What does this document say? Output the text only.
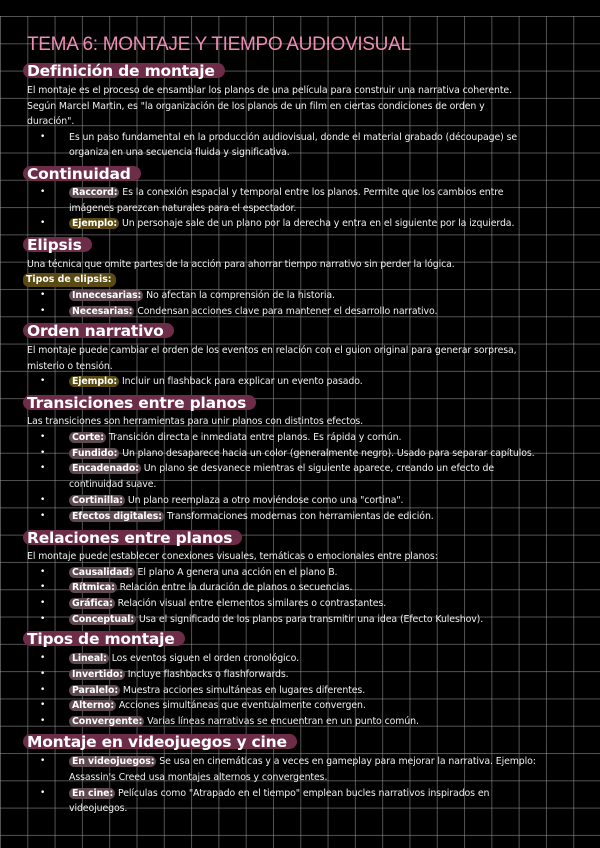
TEMA 6: MONTAJE Y TIEMPO AUDIOVISUAL
Definición de montaje
El montaje es el proceso de ensamblar los planos de una película para construir una narrativa coherente.
Según Marcel Martin, es "la organización de los planos de un film en ciertas condiciones de orden y
duración".
•	Es un paso fundamental en la producción audiovisual, donde el material grabado (découpage) se
organiza en una secuencia fluida y significativa.
Continuidad
•	Raccord: Es la conexión espacial y temporal entre los planos. Permite que los cambios entre
imágenes parezcan naturales para el espectador.
•	Ejemplo: Un personaje sale de un plano por la derecha y entra en el siguiente por la izquierda.
Elipsis
Una técnica que omite partes de la acción para ahorrar tiempo narrativo sin perder la lógica.
Tipos de elipsis:
•	Innecesarias: No afectan la comprensión de la historia.
•	Necesarias: Condensan acciones clave para mantener el desarrollo narrativo.
Orden narrativo
El montaje puede cambiar el orden de los eventos en relación con el guion original para generar sorpresa,
misterio o tensión.
•	Ejemplo: Incluir un flashback para explicar un evento pasado.
Transiciones entre planos
Las transiciones son herramientas para unir planos con distintos efectos.
•	Corte: Transición directa e inmediata entre planos. Es rápida y común.
•	Fundido: Un plano desaparece hacia un color (generalmente negro). Usado para separar capítulos.
•	Encadenado: Un plano se desvanece mientras el siguiente aparece, creando un efecto de
continuidad suave.
•	Cortinilla: Un plano reemplaza a otro moviéndose como una "cortina".
•	Efectos digitales: Transformaciones modernas con herramientas de edición.
Relaciones entre planos
El montaje puede establecer conexiones visuales, temáticas o emocionales entre planos:
•	Causalidad: El plano A genera una acción en el plano B.
•	Rítmica: Relación entre la duración de planos o secuencias.
•	Gráfica: Relación visual entre elementos similares o contrastantes.
•	Conceptual: Usa el significado de los planos para transmitir una idea (Efecto Kuleshov).
Tipos de montaje
•	Lineal: Los eventos siguen el orden cronológico.
•	Invertido: Incluye flashbacks o flashforwards.
•	Paralelo: Muestra acciones simultáneas en lugares diferentes.
•	Alterno: Acciones simultáneas que eventualmente convergen.
•	Convergente: Varias líneas narrativas se encuentran en un punto común.
Montaje en videojuegos y cine
•	En videojuegos: Se usa en cinemáticas y a veces en gameplay para mejorar la narrativa. Ejemplo:
Assassin's Creed usa montajes alternos y convergentes.
•	En cine: Películas como "Atrapado en el tiempo" emplean bucles narrativos inspirados en
videojuegos.
